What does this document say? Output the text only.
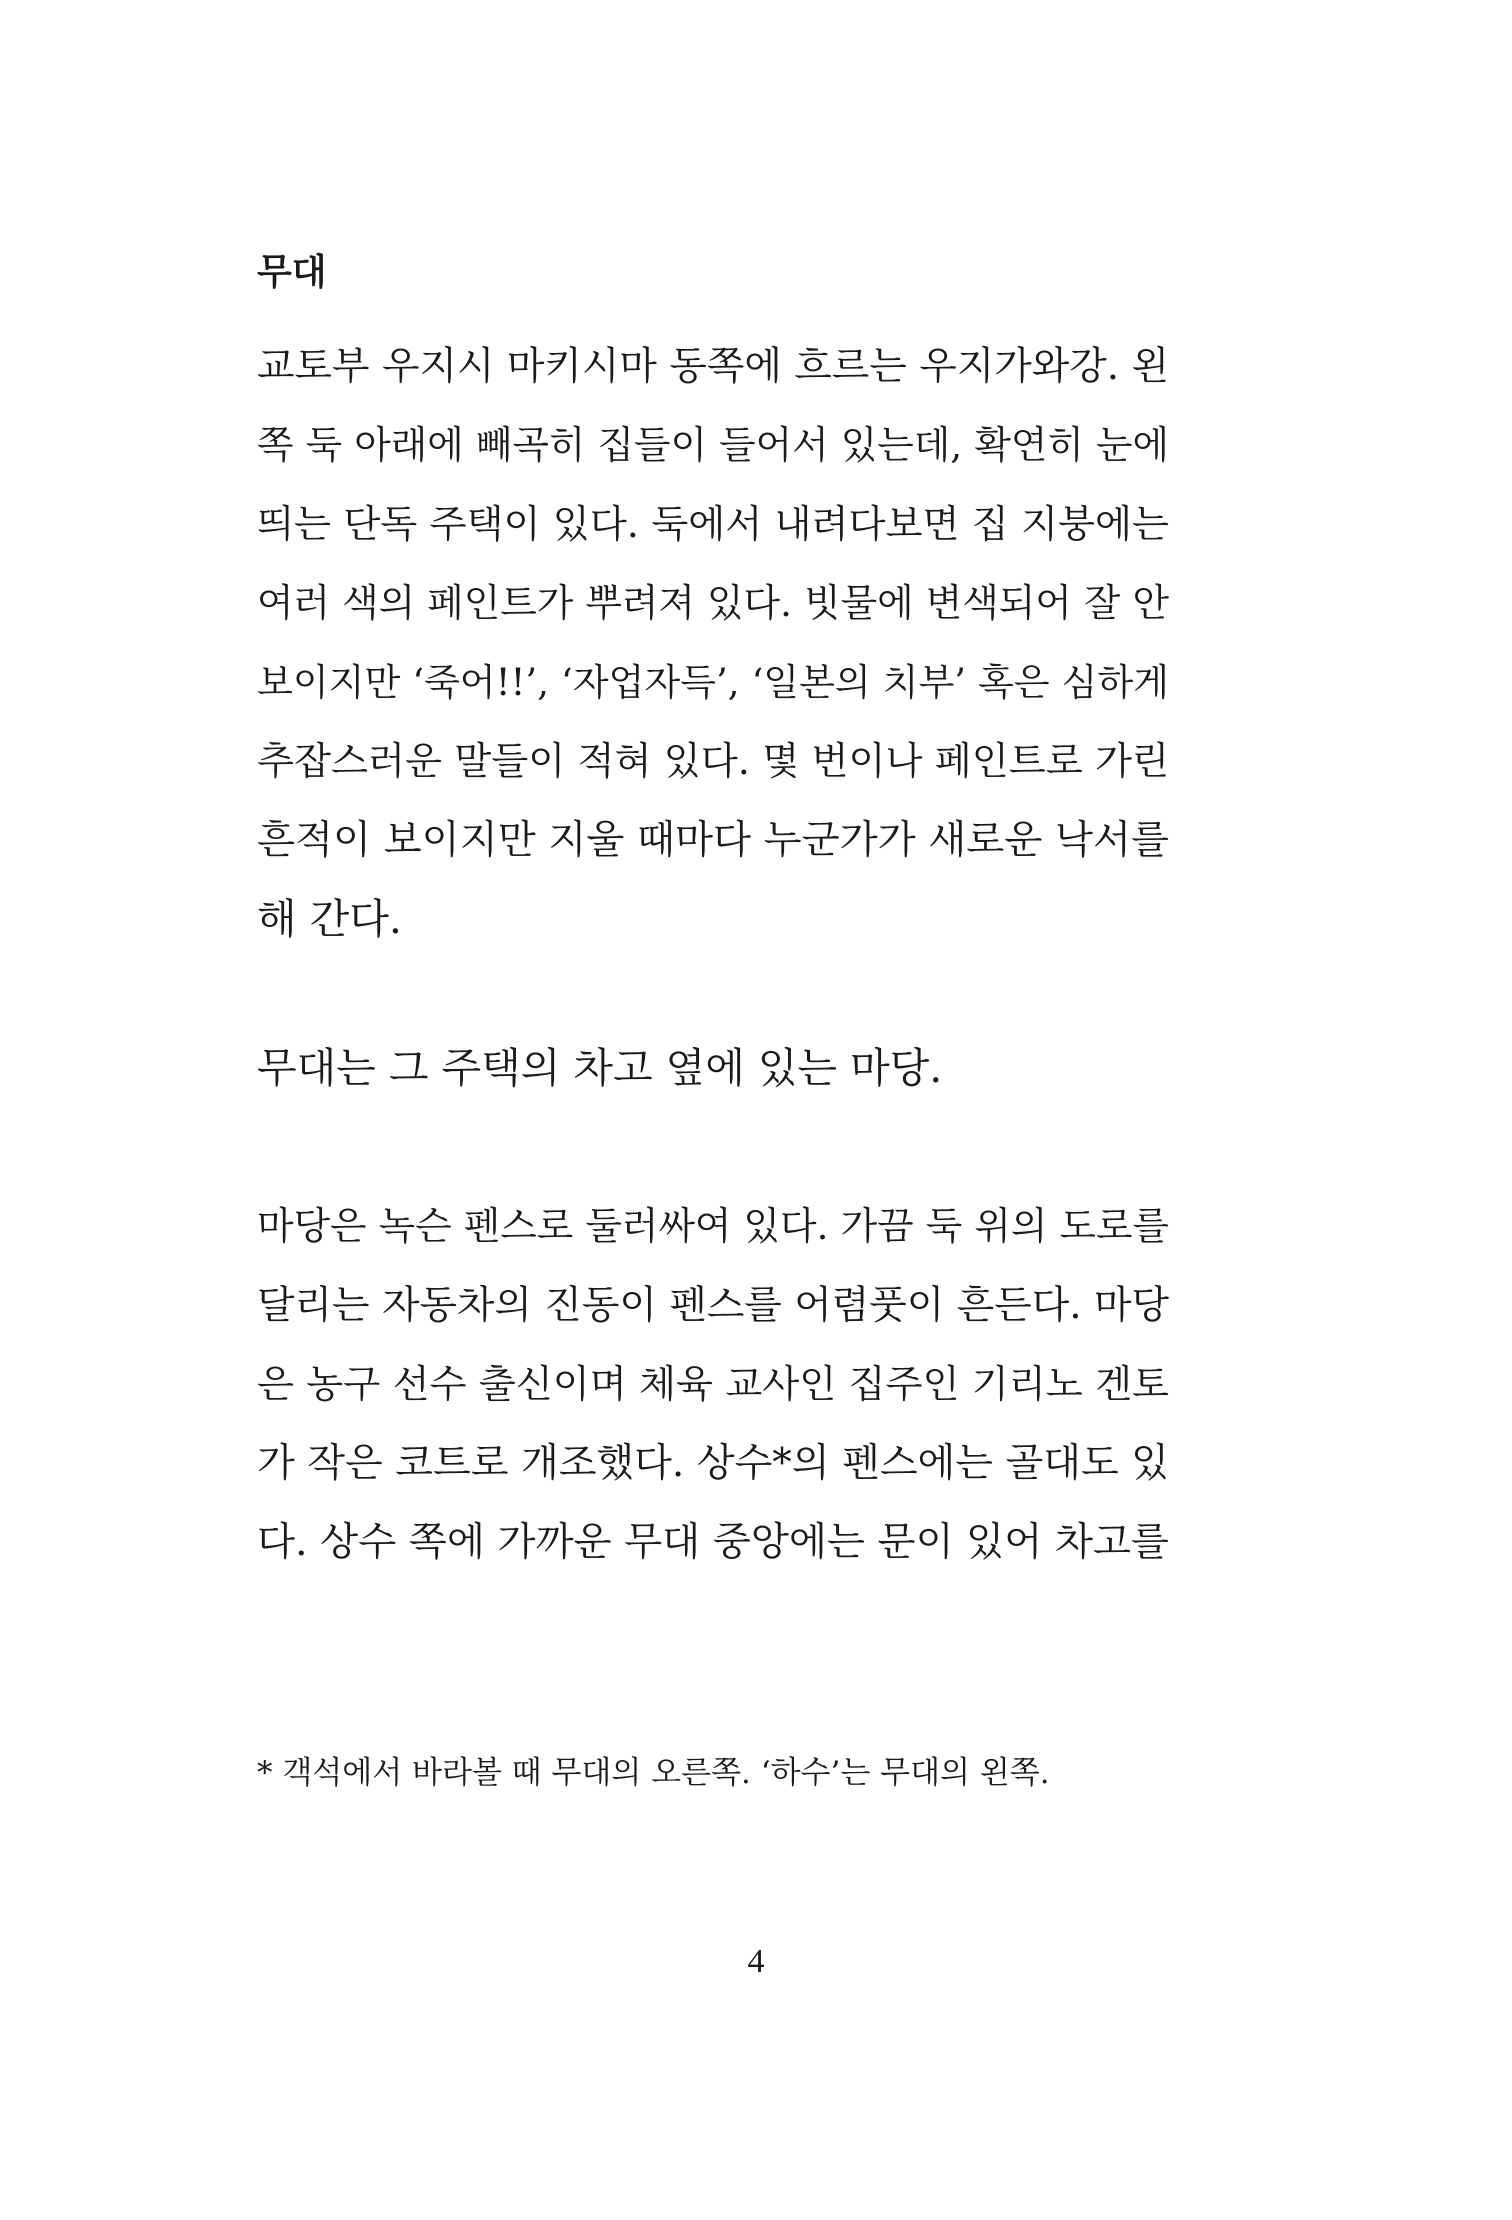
무대
교토부 우지시 마키시마 동쪽에 흐르는 우지가와강. 왼
쪽 둑 아래에 빼곡히 집들이 들어서 있는데, 확연히 눈에
띄는 단독 주택이 있다. 둑에서 내려다보면 집 지붕에는
여러 색의 페인트가 뿌려져 있다. 빗물에 변색되어 잘 안
보이지만 ‘죽어!!’, ‘자업자득’, ‘일본의 치부’ 혹은 심하게
추잡스러운 말들이 적혀 있다. 몇 번이나 페인트로 가린
흔적이 보이지만 지울 때마다 누군가가 새로운 낙서를
해 간다.
무대는 그 주택의 차고 옆에 있는 마당.
마당은 녹슨 펜스로 둘러싸여 있다. 가끔 둑 위의 도로를
달리는 자동차의 진동이 펜스를 어렴풋이 흔든다. 마당
은 농구 선수 출신이며 체육 교사인 집주인 기리노 겐토
가 작은 코트로 개조했다. 상수*의 펜스에는 골대도 있
다. 상수 쪽에 가까운 무대 중앙에는 문이 있어 차고를

* 객석에서 바라볼 때 무대의 오른쪽. ‘하수’는 무대의 왼쪽.

4
